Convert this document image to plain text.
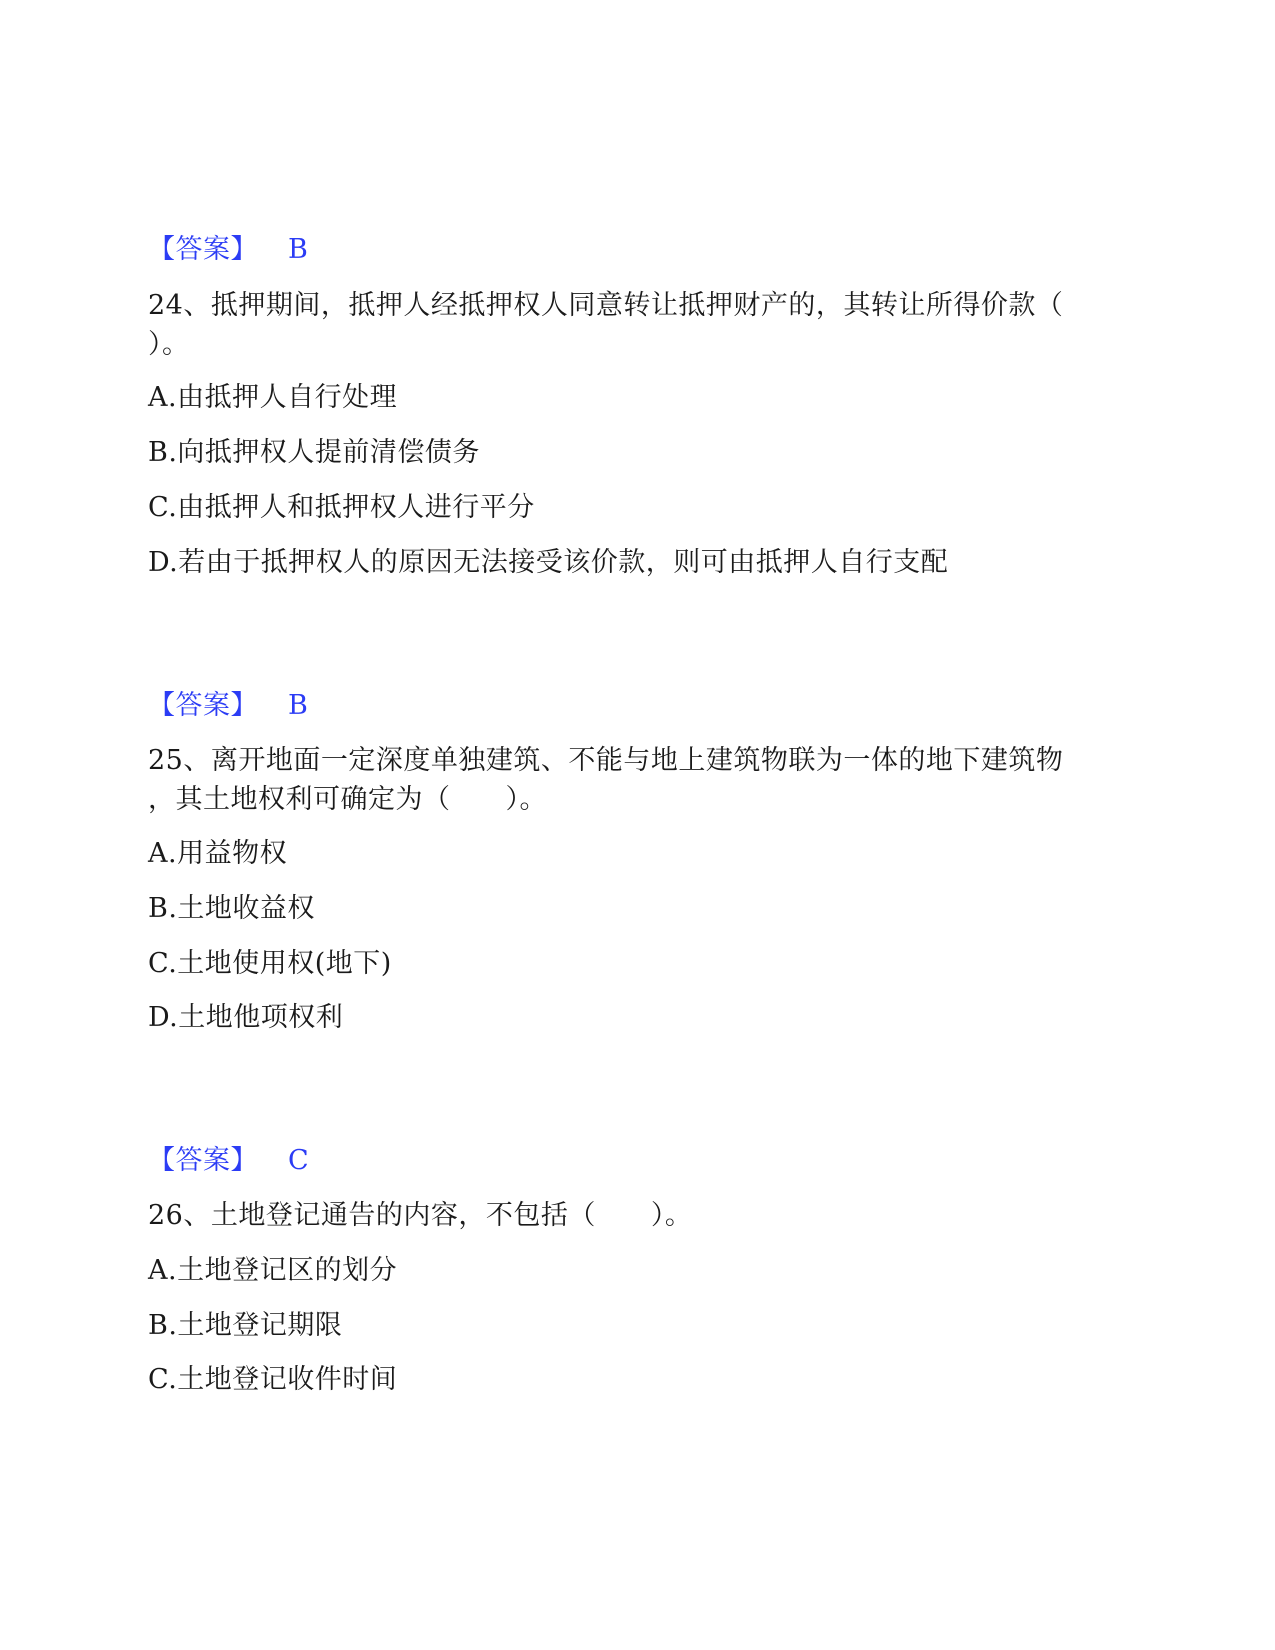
【答案】 B
24、抵押期间，抵押人经抵押权人同意转让抵押财产的，其转让所得价款（
）。
A.由抵押人自行处理
B.向抵押权人提前清偿债务
C.由抵押人和抵押权人进行平分
D.若由于抵押权人的原因无法接受该价款，则可由抵押人自行支配
【答案】 B
25、离开地面一定深度单独建筑、不能与地上建筑物联为一体的地下建筑物
，其土地权利可确定为（　　）。
A.用益物权
B.土地收益权
C.土地使用权(地下)
D.土地他项权利
【答案】 C
26、土地登记通告的内容，不包括（　　）。
A.土地登记区的划分
B.土地登记期限
C.土地登记收件时间
